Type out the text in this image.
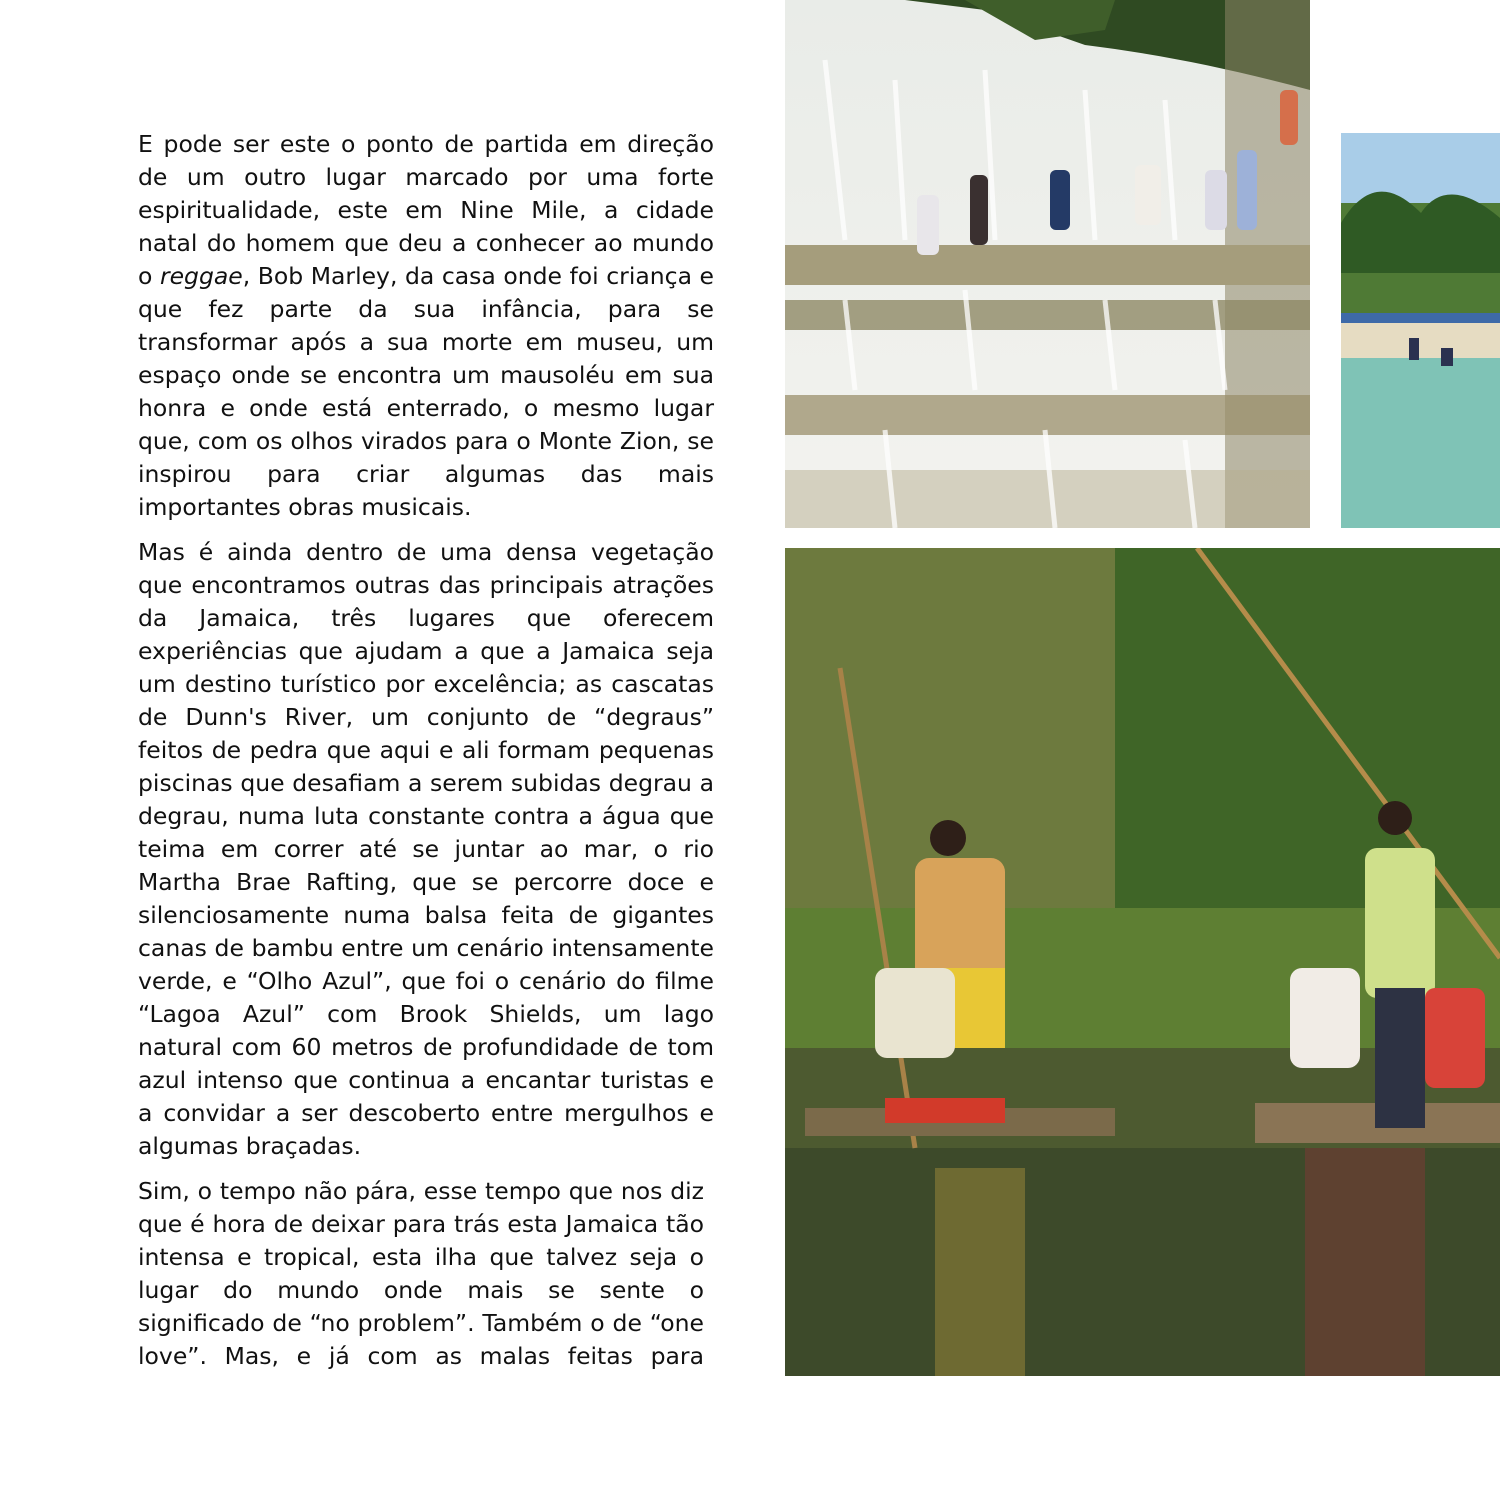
E pode ser este o ponto de partida em direção de um outro lugar marcado por uma forte espiritualidade, este em Nine Mile, a cidade natal do homem que deu a conhecer ao mundo o reggae, Bob Marley, da casa onde foi criança e que fez parte da sua infância, para se transformar após a sua morte em museu, um espaço onde se encontra um mausoléu em sua honra e onde está enterrado, o mesmo lugar que, com os olhos virados para o Monte Zion, se inspirou para criar algumas das mais importantes obras musicais.

Mas é ainda dentro de uma densa vegetação que encontramos outras das principais atrações da Jamaica, três lugares que oferecem experiências que ajudam a que a Jamaica seja um destino turístico por excelência; as cascatas de Dunn's River, um conjunto de “degraus” feitos de pedra que aqui e ali formam pequenas piscinas que desafiam a serem subidas degrau a degrau, numa luta constante contra a água que teima em correr até se juntar ao mar, o rio Martha Brae Rafting, que se percorre doce e silenciosamente numa balsa feita de gigantes canas de bambu entre um cenário intensamente verde, e “Olho Azul”, que foi o cenário do filme “Lagoa Azul” com Brook Shields, um lago natural com 60 metros de profundidade de tom azul intenso que continua a encantar turistas e a convidar a ser descoberto entre mergulhos e algumas braçadas.

Sim, o tempo não pára, esse tempo que nos diz que é hora de deixar para trás esta Jamaica tão intensa e tropical, esta ilha que talvez seja o lugar do mundo onde mais se sente o significado de “no problem”. Também o de “one love”. Mas, e já com as malas feitas para
